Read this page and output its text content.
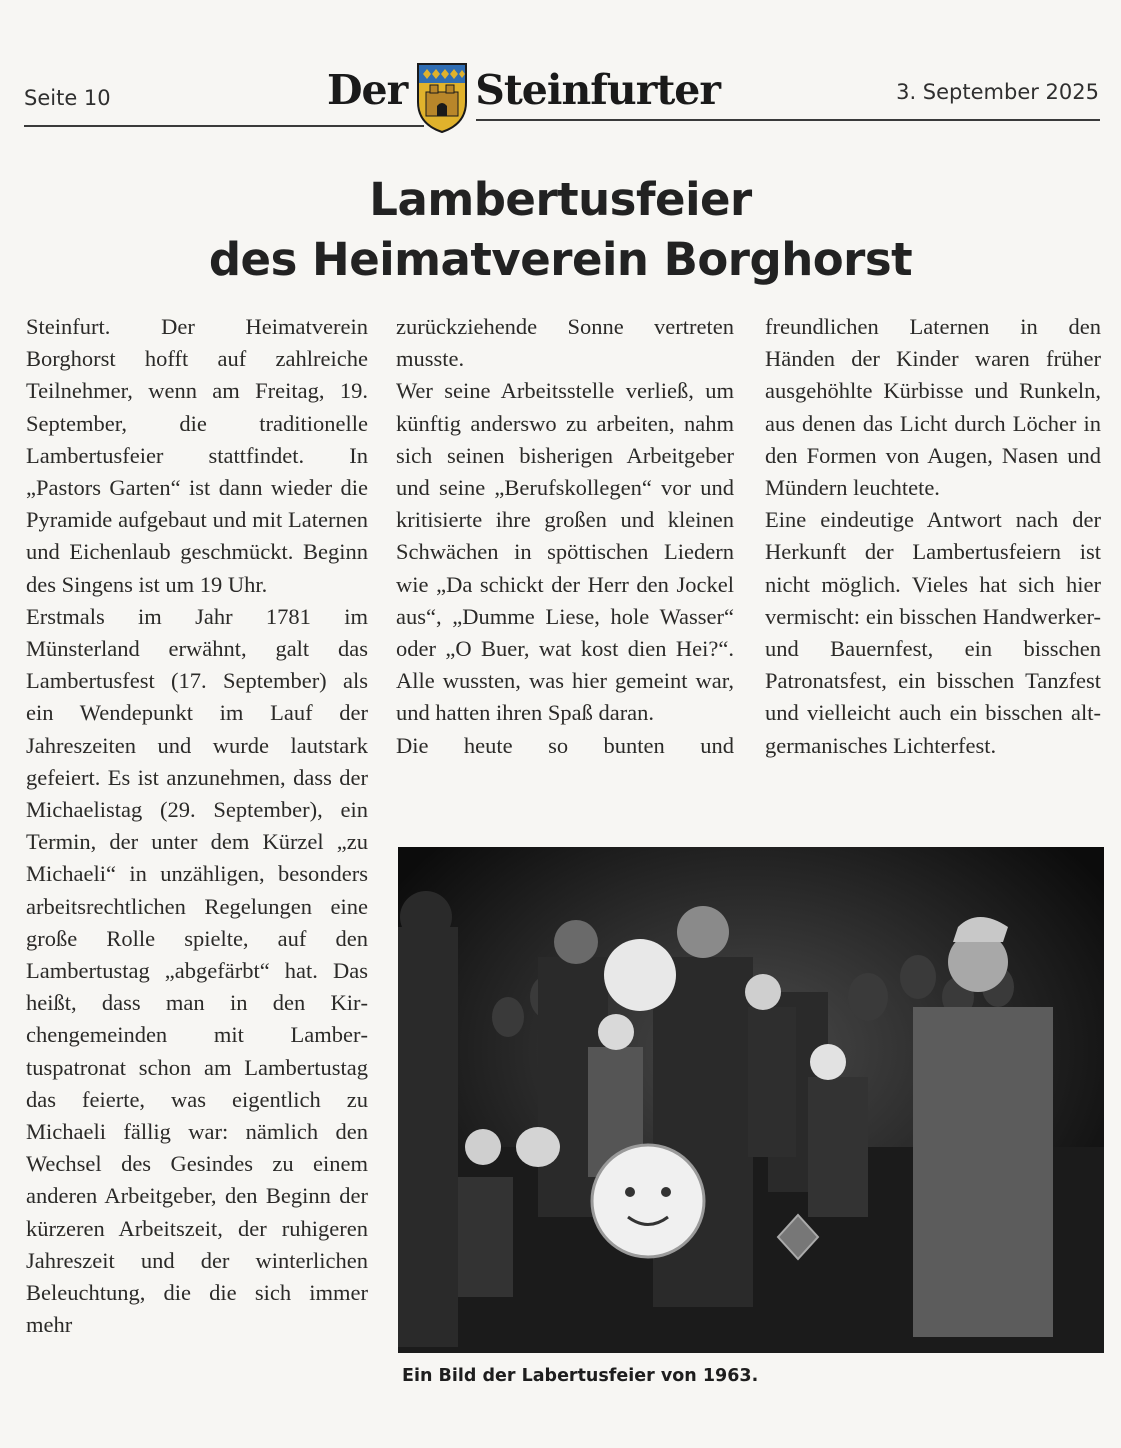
Seite 10	Der Steinfurter	3. September 2025
Lambertusfeier
des Heimatverein Borghorst

Steinfurt. Der Heimatverein Borghorst hofft auf zahlreiche Teilnehmer, wenn am Freitag, 19. September, die traditionelle Lambertusfeier stattfindet. In „Pastors Garten“ ist dann wieder die Pyramide aufgebaut und mit Laternen und Eichenlaub geschmückt. Beginn des Singens ist um 19 Uhr.

Erstmals im Jahr 1781 im Münsterland erwähnt, galt das Lambertusfest (17. September) als ein Wendepunkt im Lauf der Jahreszeiten und wurde lautstark gefeiert. Es ist anzunehmen, dass der Michaelistag (29. September), ein Termin, der unter dem Kürzel „zu Michaeli“ in unzähligen, besonders arbeitsrechtlichen Regelungen eine große Rolle spielte, auf den Lambertustag „abgefärbt“ hat. Das heißt, dass man in den Kirchengemeinden mit Lambertuspatronat schon am Lambertustag das feierte, was eigentlich zu Michaeli fällig war: nämlich den Wechsel des Gesindes zu einem anderen Arbeitgeber, den Beginn der kürzeren Arbeitszeit, der ruhigeren Jahreszeit und der winterlichen Beleuchtung, die die sich immer mehr

zurückziehende Sonne vertreten musste.

Wer seine Arbeitsstelle verließ, um künftig anderswo zu arbeiten, nahm sich seinen bisherigen Arbeitgeber und seine „Berufskollegen“ vor und kritisierte ihre großen und kleinen Schwächen in spöttischen Liedern wie „Da schickt der Herr den Jockel aus“, „Dumme Liese, hole Wasser“ oder „O Buer, wat kost dien Hei?“. Alle wussten, was hier gemeint war, und hatten ihren Spaß daran.

Die heute so bunten und

freundlichen Laternen in den Händen der Kinder waren früher ausgehöhlte Kürbisse und Runkeln, aus denen das Licht durch Löcher in den Formen von Augen, Nasen und Mündern leuchtete.

Eine eindeutige Antwort nach der Herkunft der Lambertusfeiern ist nicht möglich. Vieles hat sich hier vermischt: ein bisschen Handwerker- und Bauernfest, ein bisschen Patronatsfest, ein bisschen Tanzfest und vielleicht auch ein bisschen altgermanisches Lichterfest.

Ein Bild der Labertusfeier von 1963.
